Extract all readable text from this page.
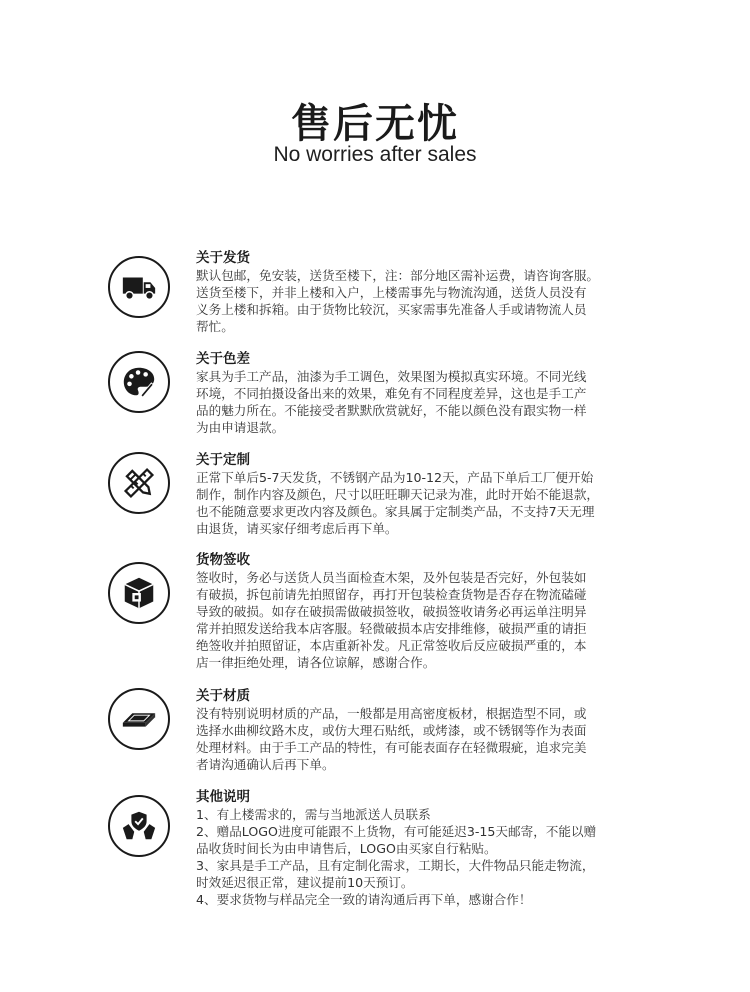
售后无忧
No worries after sales

关于发货

默认包邮，免安装，送货至楼下，注：部分地区需补运费，请咨询客服。
送货至楼下，并非上楼和入户，上楼需事先与物流沟通，送货人员没有
义务上楼和拆箱。由于货物比较沉，买家需事先准备人手或请物流人员
帮忙。

关于色差

家具为手工产品，油漆为手工调色，效果图为模拟真实环境。不同光线
环境，不同拍摄设备出来的效果，难免有不同程度差异，这也是手工产
品的魅力所在。不能接受者默默欣赏就好，不能以颜色没有跟实物一样
为由申请退款。

关于定制

正常下单后5-7天发货，不锈钢产品为10-12天，产品下单后工厂便开始
制作，制作内容及颜色，尺寸以旺旺聊天记录为准，此时开始不能退款，
也不能随意要求更改内容及颜色。家具属于定制类产品，不支持7天无理
由退货，请买家仔细考虑后再下单。

货物签收

签收时，务必与送货人员当面检查木架，及外包装是否完好，外包装如
有破损，拆包前请先拍照留存，再打开包装检查货物是否存在物流磕碰
导致的破损。如存在破损需做破损签收，破损签收请务必再运单注明异
常并拍照发送给我本店客服。轻微破损本店安排维修，破损严重的请拒
绝签收并拍照留证，本店重新补发。凡正常签收后反应破损严重的，本
店一律拒绝处理，请各位谅解，感谢合作。

关于材质

没有特别说明材质的产品，一般都是用高密度板材，根据造型不同，或
选择水曲柳纹路木皮，或仿大理石贴纸，或烤漆，或不锈钢等作为表面
处理材料。由于手工产品的特性，有可能表面存在轻微瑕疵，追求完美
者请沟通确认后再下单。

其他说明

1、有上楼需求的，需与当地派送人员联系
2、赠品LOGO进度可能跟不上货物，有可能延迟3-15天邮寄，不能以赠
品收货时间长为由申请售后，LOGO由买家自行粘贴。
3、家具是手工产品，且有定制化需求，工期长，大件物品只能走物流，
时效延迟很正常，建议提前10天预订。
4、要求货物与样品完全一致的请沟通后再下单，感谢合作！
